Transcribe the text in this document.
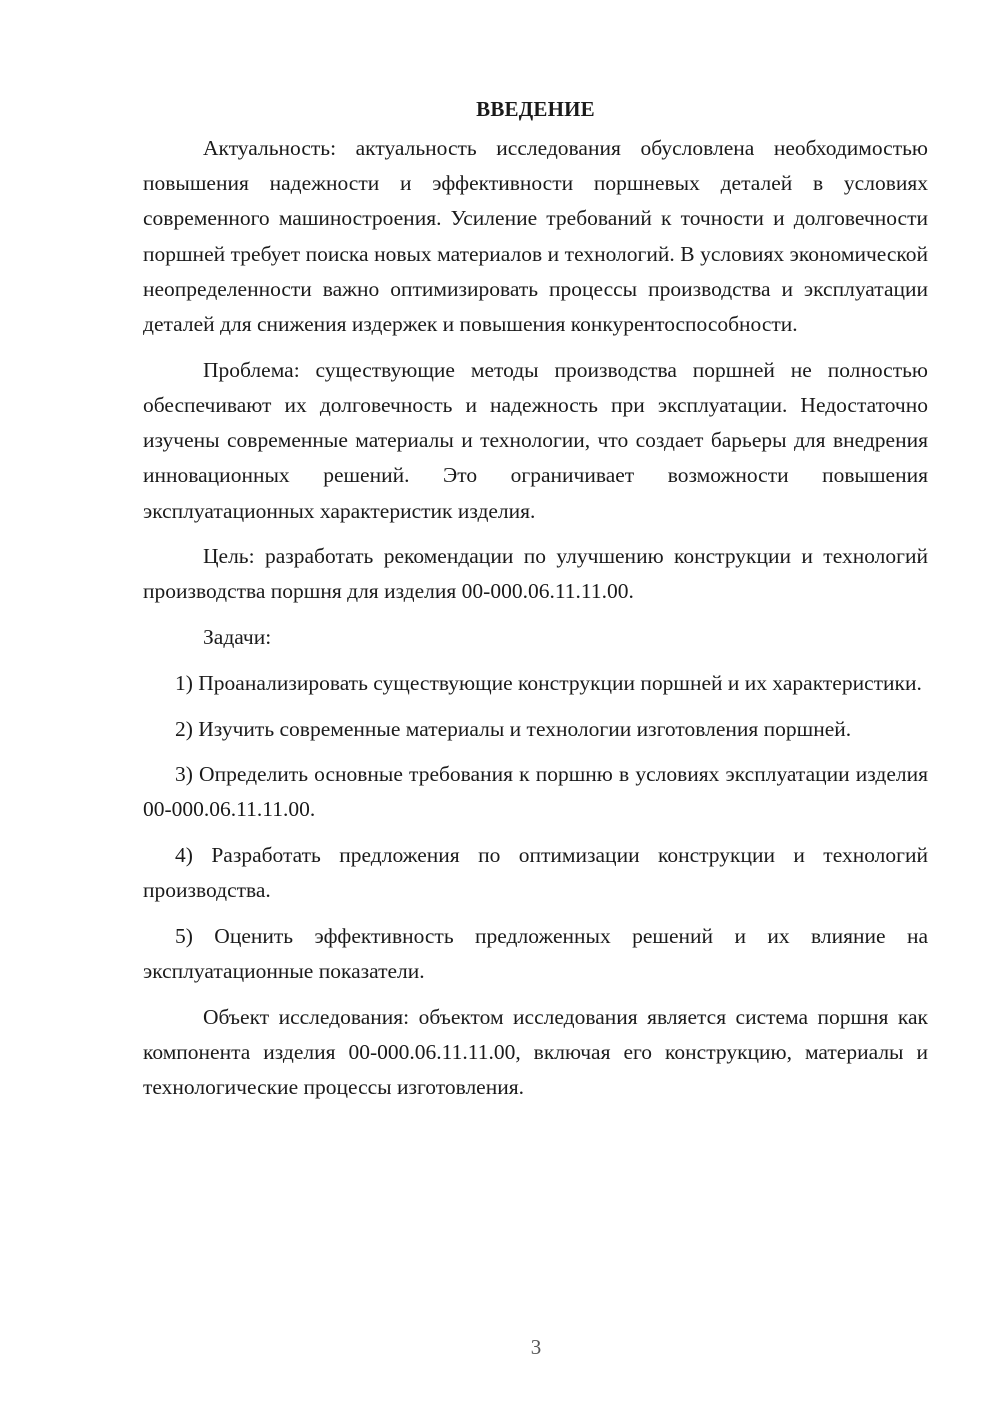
ВВЕДЕНИЕ

Актуальность: актуальность исследования обусловлена необходимостью повышения надежности и эффективности поршневых деталей в условиях современного машиностроения. Усиление требований к точности и долговечности поршней требует поиска новых материалов и технологий. В условиях экономической неопределенности важно оптимизировать процессы производства и эксплуатации деталей для снижения издержек и повышения конкурентоспособности.

Проблема: существующие методы производства поршней не полностью обеспечивают их долговечность и надежность при эксплуатации. Недостаточно изучены современные материалы и технологии, что создает барьеры для внедрения инновационных решений. Это ограничивает возможности повышения эксплуатационных характеристик изделия.

Цель: разработать рекомендации по улучшению конструкции и технологий производства поршня для изделия 00-000.06.11.11.00.

Задачи:

1) Проанализировать существующие конструкции поршней и их характеристики.

2) Изучить современные материалы и технологии изготовления поршней.

3) Определить основные требования к поршню в условиях эксплуатации изделия 00-000.06.11.11.00.

4) Разработать предложения по оптимизации конструкции и технологий производства.

5) Оценить эффективность предложенных решений и их влияние на эксплуатационные показатели.

Объект исследования: объектом исследования является система поршня как компонента изделия 00-000.06.11.11.00, включая его конструкцию, материалы и технологические процессы изготовления.

3
